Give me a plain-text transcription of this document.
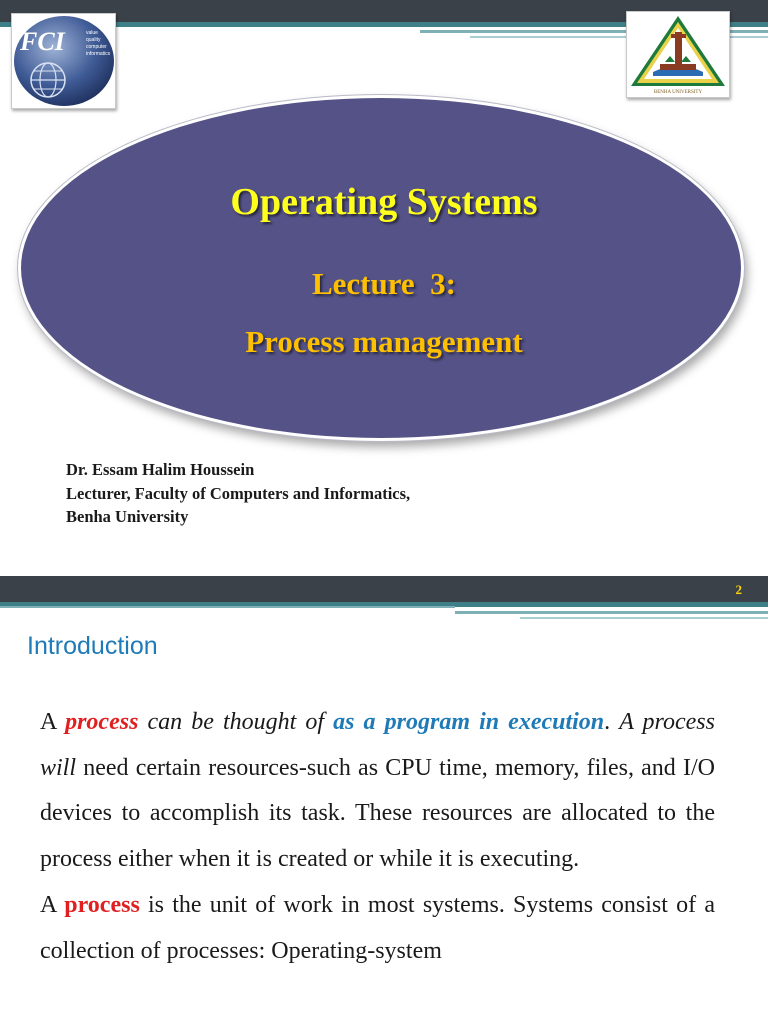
FCI	value
quality
computer
informatics
BENHA UNIVERSITY
Operating Systems
Lecture  3:
Process management
Dr. Essam Halim Houssein
Lecturer, Faculty of Computers and Informatics,
Benha University
2
Introduction

A process can be thought of as a program in execution. A process will need certain resources-such as CPU time, memory, files, and I/O devices to accomplish its task. These resources are allocated to the process either when it is created or while it is executing.

A process is the unit of work in most systems. Systems consist of a collection of processes: Operating-system
